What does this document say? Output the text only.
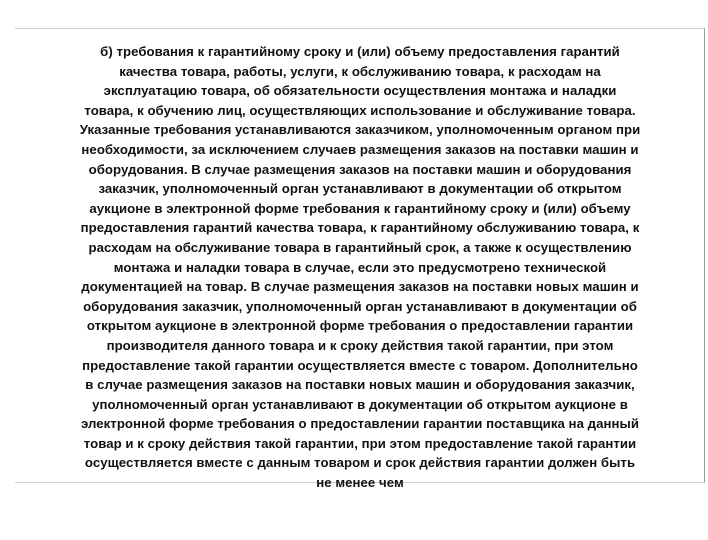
б) требования к гарантийному сроку и (или) объему предоставления гарантий
качества товара, работы, услуги, к обслуживанию товара, к расходам на
эксплуатацию товара, об обязательности осуществления монтажа и наладки
товара, к обучению лиц, осуществляющих использование и обслуживание товара.
Указанные требования устанавливаются заказчиком, уполномоченным органом при
необходимости, за исключением случаев размещения заказов на поставки машин и
оборудования. В случае размещения заказов на поставки машин и оборудования
заказчик, уполномоченный орган устанавливают в документации об открытом
аукционе в электронной форме требования к гарантийному сроку и (или) объему
предоставления гарантий качества товара, к гарантийному обслуживанию товара, к
расходам на обслуживание товара в гарантийный срок, а также к осуществлению
монтажа и наладки товара в случае, если это предусмотрено технической
документацией на товар. В случае размещения заказов на поставки новых машин и
оборудования заказчик, уполномоченный орган устанавливают в документации об
открытом аукционе в электронной форме требования о предоставлении гарантии
производителя данного товара и к сроку действия такой гарантии, при этом
предоставление такой гарантии осуществляется вместе с товаром. Дополнительно
в случае размещения заказов на поставки новых машин и оборудования заказчик,
уполномоченный орган устанавливают в документации об открытом аукционе в
электронной форме требования о предоставлении гарантии поставщика на данный
товар и к сроку действия такой гарантии, при этом предоставление такой гарантии
осуществляется вместе с данным товаром и срок действия гарантии должен быть
не менее чем
